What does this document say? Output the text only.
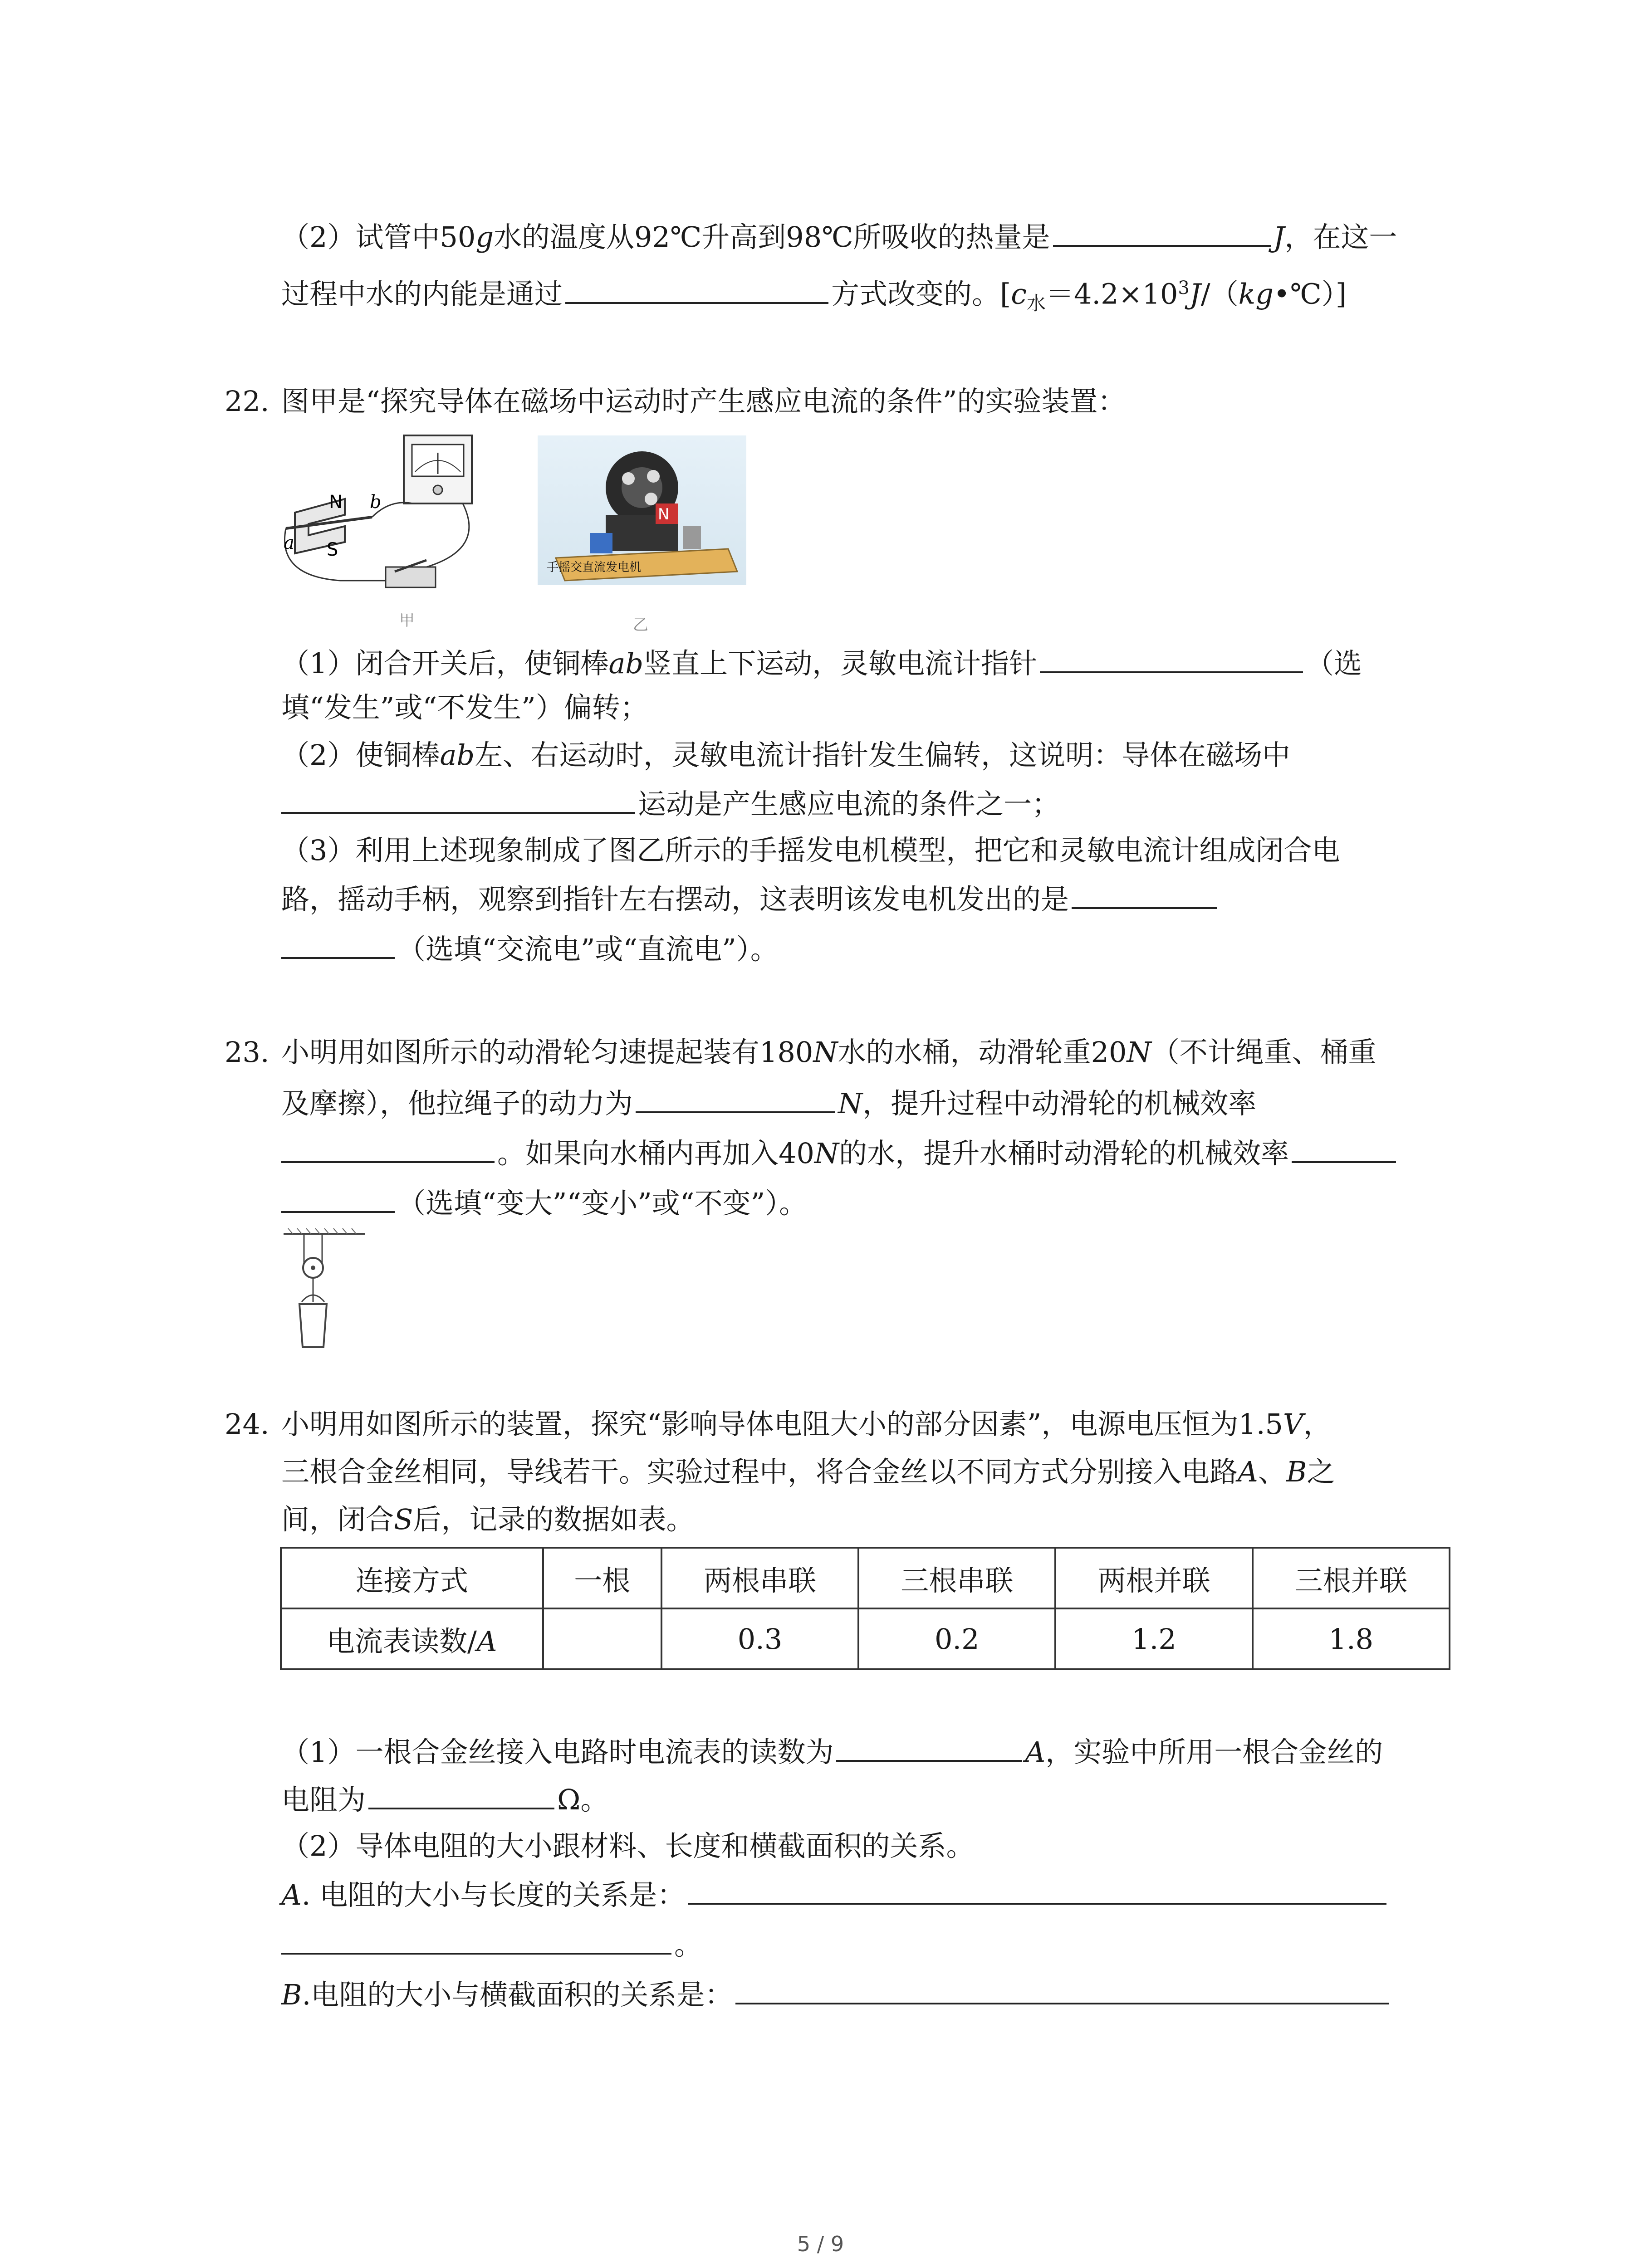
（2）试管中50g水的温度从92℃升高到98℃所吸收的热量是	J，在这一
过程中水的内能是通过	方式改变的。$[c_水=4.2\times 10^3J/(kg•℃)]$
22. 图甲是“探究导体在磁场中运动时产生感应电流的条件”的实验装置：
N
S
a
b
甲
N
手摇交直流发电机
乙
（1）闭合开关后，使铜棒ab竖直上下运动，灵敏电流计指针	（选
填“发生”或“不发生”）偏转；
（2）使铜棒ab左、右运动时，灵敏电流计指针发生偏转，这说明：导体在磁场中
运动是产生感应电流的条件之一；
（3）利用上述现象制成了图乙所示的手摇发电机模型，把它和灵敏电流计组成闭合电
路，摇动手柄，观察到指针左右摆动，这表明该发电机发出的是
（选填“交流电”或“直流电”）。
23. 小明用如图所示的动滑轮匀速提起装有180N水的水桶，动滑轮重20N（不计绳重、桶重
及摩擦），他拉绳子的动力为	N，提升过程中动滑轮的机械效率
。如果向水桶内再加入40N的水，提升水桶时动滑轮的机械效率
（选填“变大”“变小”或“不变”）。
24. 小明用如图所示的装置，探究“影响导体电阻大小的部分因素”，电源电压恒为1.5V，
三根合金丝相同，导线若干。实验过程中，将合金丝以不同方式分别接入电路A、B之
间，闭合S后，记录的数据如表。
连接方式	一根	两根串联	三根串联	两根并联	三根并联
电流表读数/A		0.3	0.2	1.2	1.8
（1）一根合金丝接入电路时电流表的读数为	A，实验中所用一根合金丝的
电阻为	Ω。
（2）导体电阻的大小跟材料、长度和横截面积的关系。
A. 电阻的大小与长度的关系是：
。
B.电阻的大小与横截面积的关系是：
5 / 9
